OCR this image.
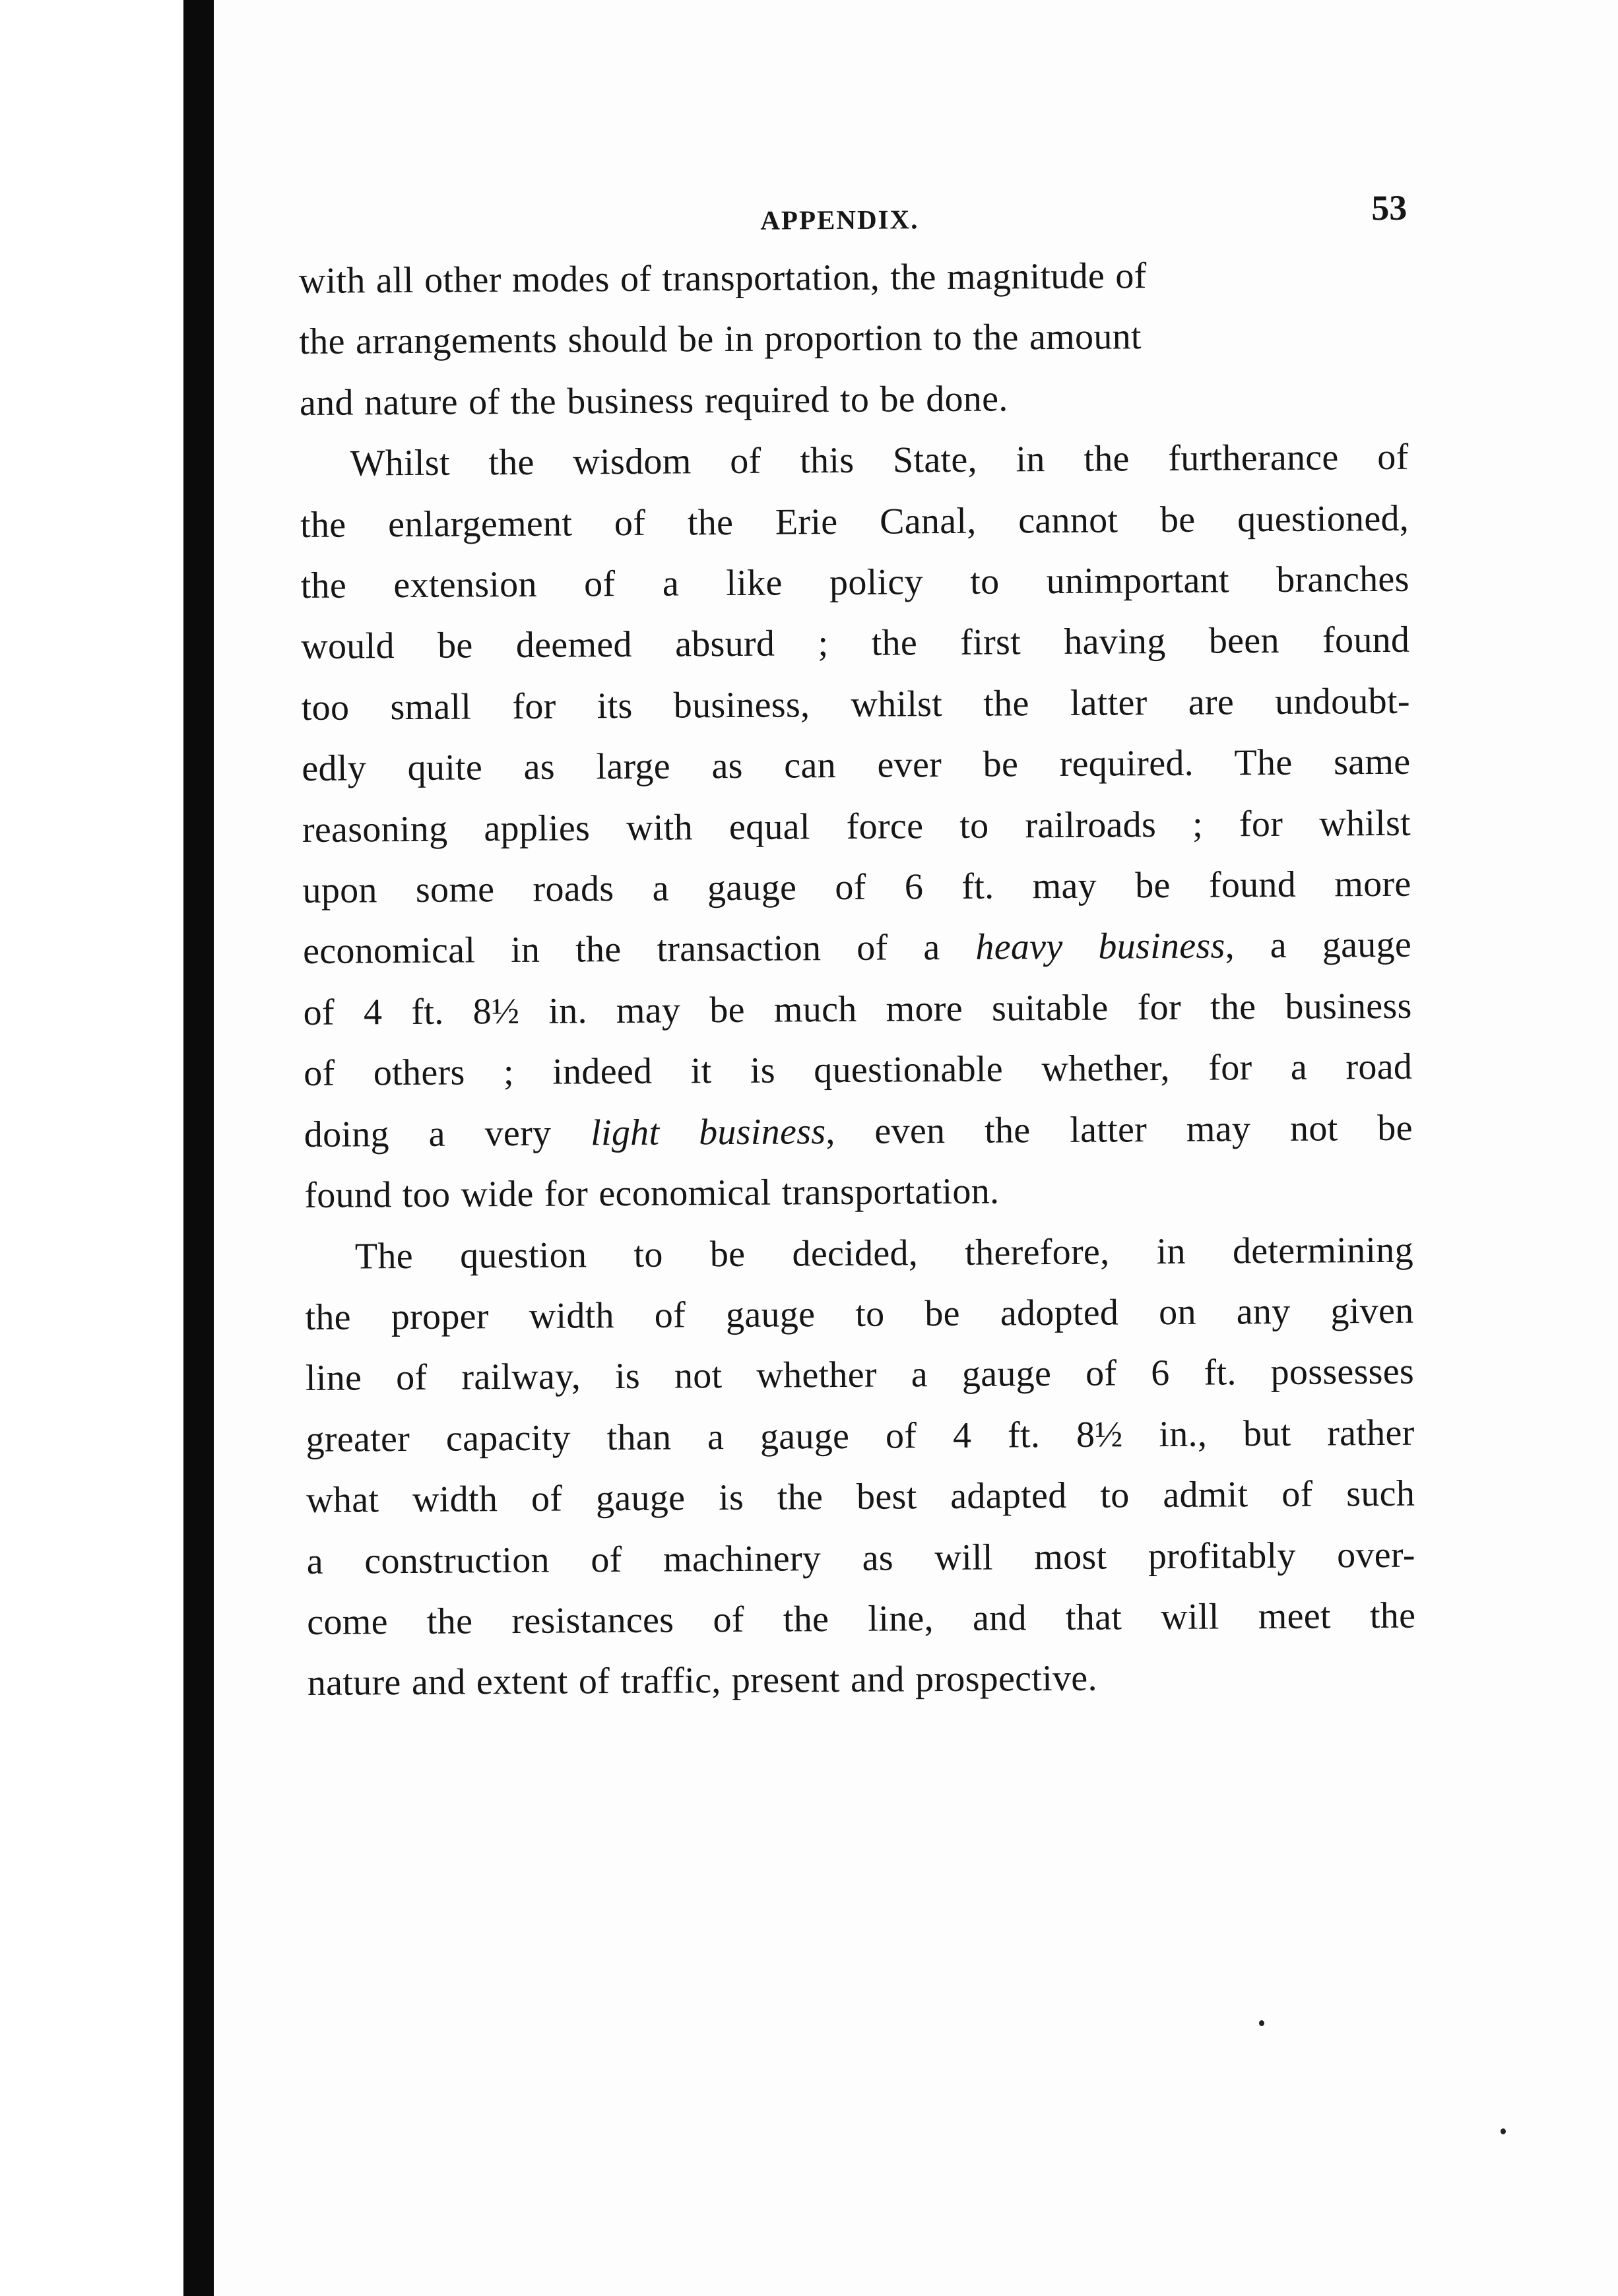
APPENDIX.	53

with all other modes of transportation, the magnitude of
the arrangements should be in proportion to the amount
and nature of the business required to be done.

Whilst the wisdom of this State, in the furtherance of
the enlargement of the Erie Canal, cannot be questioned,
the extension of a like policy to unimportant branches
would be deemed absurd ; the first having been found
too small for its business, whilst the latter are undoubt-
edly quite as large as can ever be required. The same
reasoning applies with equal force to railroads ; for whilst
upon some roads a gauge of 6 ft. may be found more
economical in the transaction of a heavy business, a gauge
of 4 ft. 8½ in. may be much more suitable for the business
of others ; indeed it is questionable whether, for a road
doing a very light business, even the latter may not be
found too wide for economical transportation.

The question to be decided, therefore, in determining
the proper width of gauge to be adopted on any given
line of railway, is not whether a gauge of 6 ft. possesses
greater capacity than a gauge of 4 ft. 8½ in., but rather
what width of gauge is the best adapted to admit of such
a construction of machinery as will most profitably over-
come the resistances of the line, and that will meet the
nature and extent of traffic, present and prospective.
